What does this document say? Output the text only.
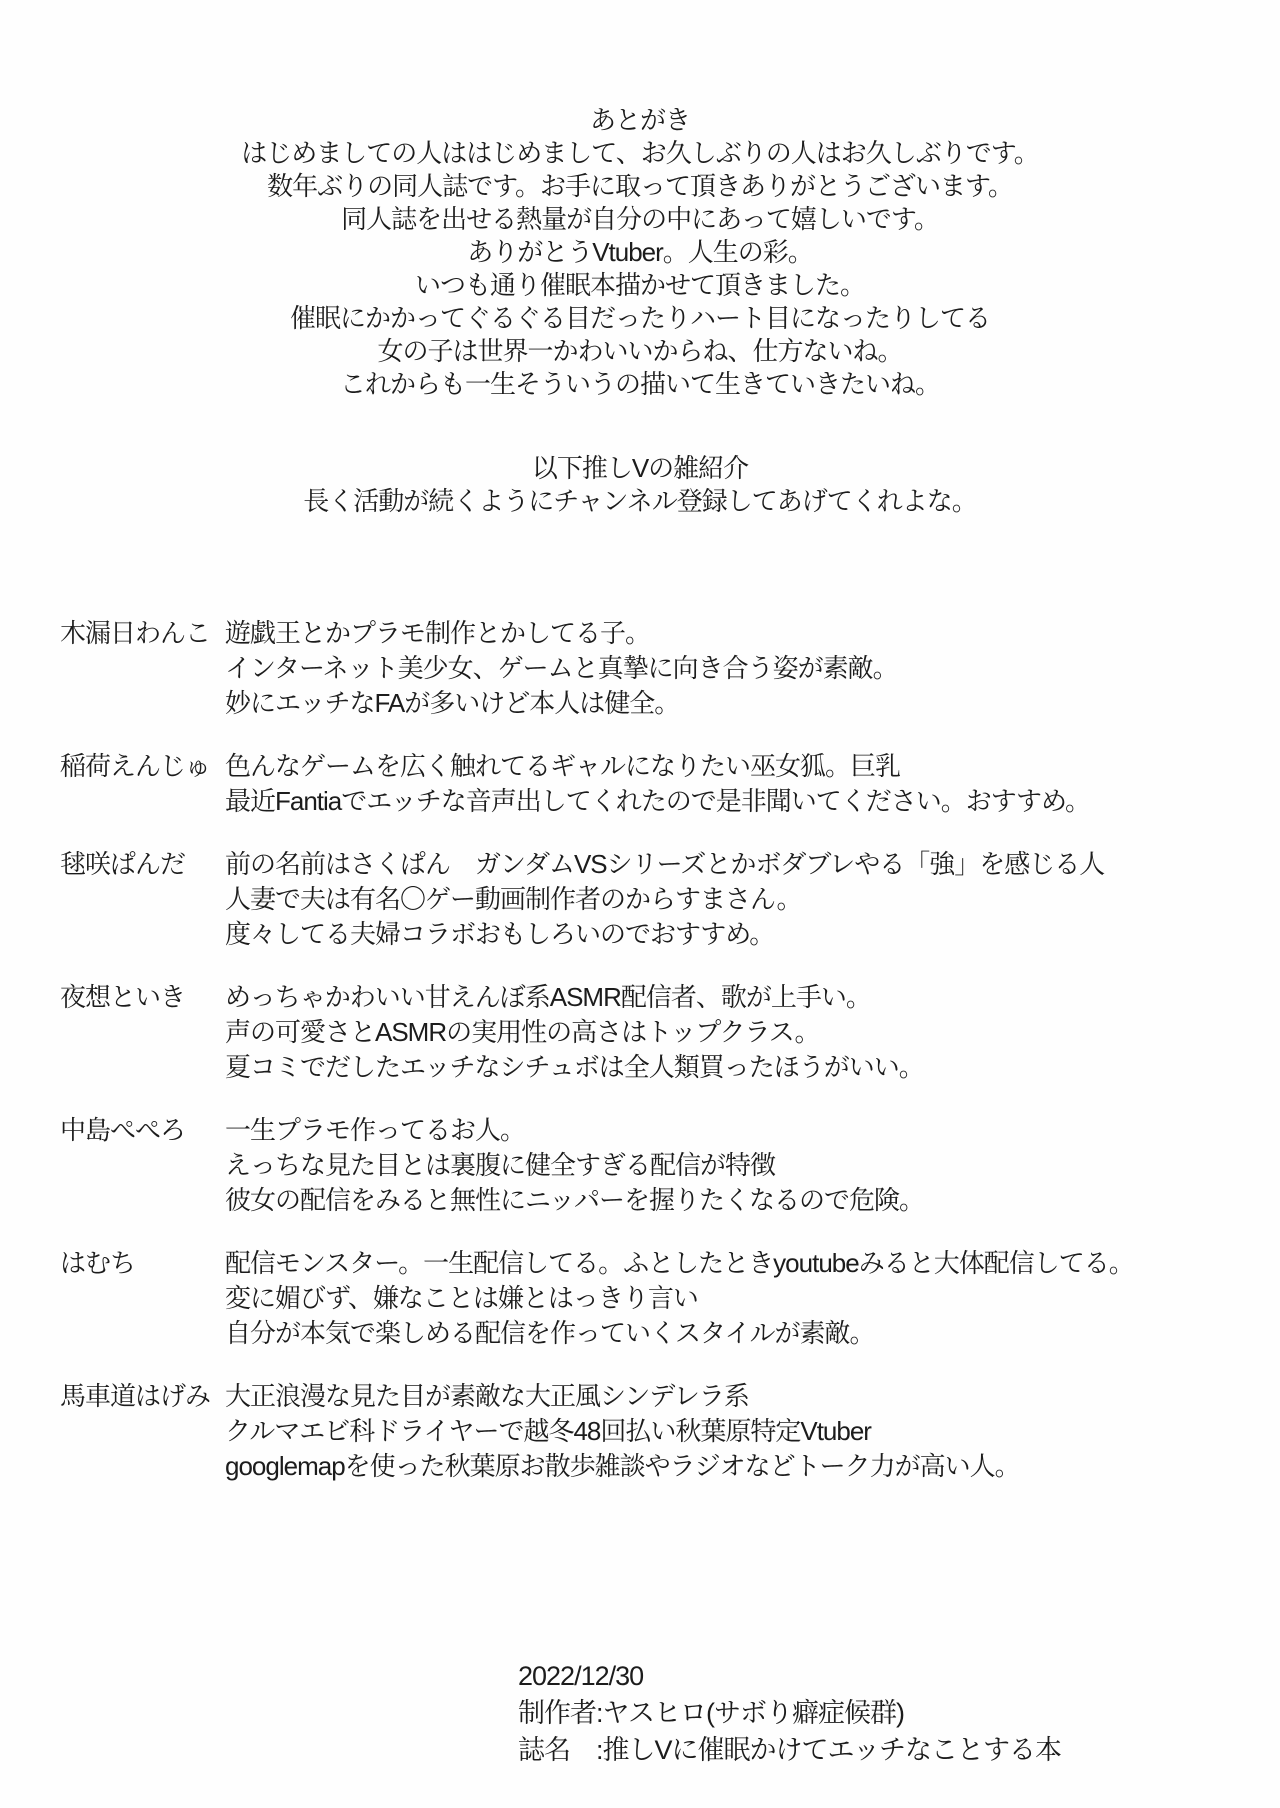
あとがき
はじめましての人ははじめまして、お久しぶりの人はお久しぶりです。
数年ぶりの同人誌です。お手に取って頂きありがとうございます。
同人誌を出せる熱量が自分の中にあって嬉しいです。
ありがとうVtuber。人生の彩。
いつも通り催眠本描かせて頂きました。
催眠にかかってぐるぐる目だったりハート目になったりしてる
女の子は世界一かわいいからね、仕方ないね。
これからも一生そういうの描いて生きていきたいね。
以下推しVの雑紹介
長く活動が続くようにチャンネル登録してあげてくれよな。
木漏日わんこ 遊戯王とかプラモ制作とかしてる子。
インターネット美少女、ゲームと真摯に向き合う姿が素敵。
妙にエッチなFAが多いけど本人は健全。
稲荷えんじゅ 色んなゲームを広く触れてるギャルになりたい巫女狐。巨乳
最近Fantiaでエッチな音声出してくれたので是非聞いてください。おすすめ。
毬咲ぱんだ	前の名前はさくぱん　ガンダムVSシリーズとかボダブレやる「強」を感じる人
人妻で夫は有名〇ゲー動画制作者のからすまさん。
度々してる夫婦コラボおもしろいのでおすすめ。
夜想といき	めっちゃかわいい甘えんぼ系ASMR配信者、歌が上手い。
声の可愛さとASMRの実用性の高さはトップクラス。
夏コミでだしたエッチなシチュボは全人類買ったほうがいい。
中島ぺぺろ	一生プラモ作ってるお人。
えっちな見た目とは裏腹に健全すぎる配信が特徴
彼女の配信をみると無性にニッパーを握りたくなるので危険。
はむち	配信モンスター。一生配信してる。ふとしたときyoutubeみると大体配信してる。
変に媚びず、嫌なことは嫌とはっきり言い
自分が本気で楽しめる配信を作っていくスタイルが素敵。
馬車道はげみ 大正浪漫な見た目が素敵な大正風シンデレラ系
クルマエビ科ドライヤーで越冬48回払い秋葉原特定Vtuber
googlemapを使った秋葉原お散歩雑談やラジオなどトーク力が高い人。
2022/12/30
制作者:ヤスヒロ(サボり癖症候群)
誌名　:推しVに催眠かけてエッチなことする本
